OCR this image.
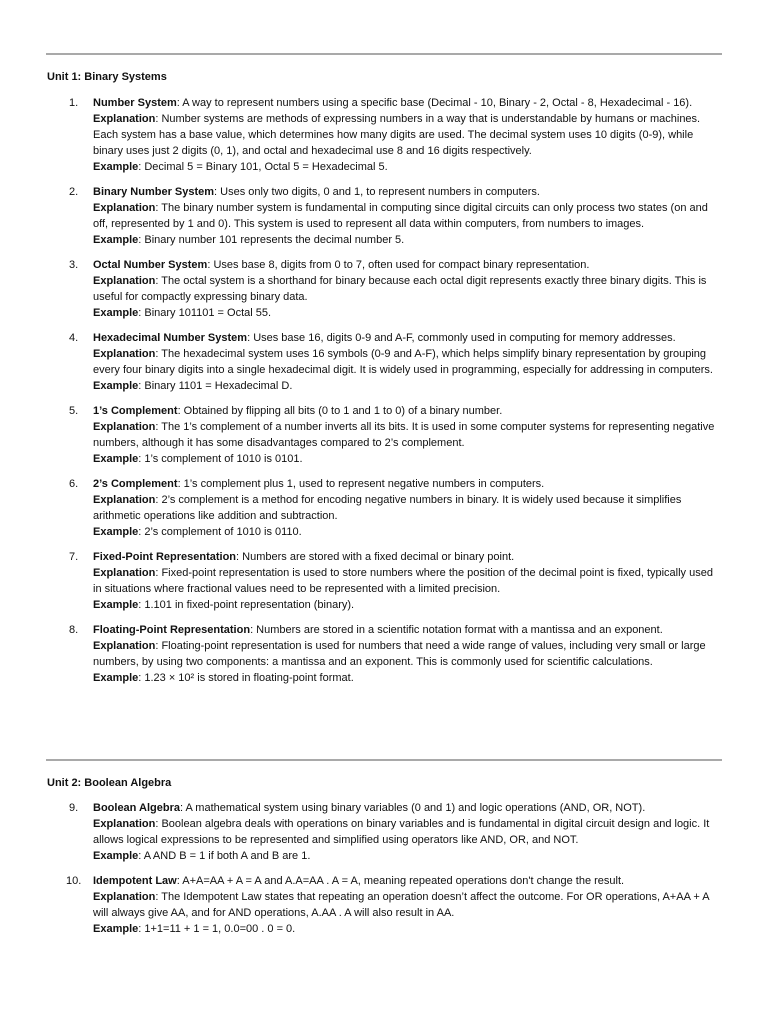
Unit 1: Binary Systems
1. Number System: A way to represent numbers using a specific base (Decimal - 10, Binary - 2, Octal - 8, Hexadecimal - 16).
Explanation: Number systems are methods of expressing numbers in a way that is understandable by humans or machines. Each system has a base value, which determines how many digits are used. The decimal system uses 10 digits (0-9), while binary uses just 2 digits (0, 1), and octal and hexadecimal use 8 and 16 digits respectively.
Example: Decimal 5 = Binary 101, Octal 5 = Hexadecimal 5.
2. Binary Number System: Uses only two digits, 0 and 1, to represent numbers in computers.
Explanation: The binary number system is fundamental in computing since digital circuits can only process two states (on and off, represented by 1 and 0). This system is used to represent all data within computers, from numbers to images.
Example: Binary number 101 represents the decimal number 5.
3. Octal Number System: Uses base 8, digits from 0 to 7, often used for compact binary representation.
Explanation: The octal system is a shorthand for binary because each octal digit represents exactly three binary digits. This is useful for compactly expressing binary data.
Example: Binary 101101 = Octal 55.
4. Hexadecimal Number System: Uses base 16, digits 0-9 and A-F, commonly used in computing for memory addresses.
Explanation: The hexadecimal system uses 16 symbols (0-9 and A-F), which helps simplify binary representation by grouping every four binary digits into a single hexadecimal digit. It is widely used in programming, especially for addressing in computers.
Example: Binary 1101 = Hexadecimal D.
5. 1’s Complement: Obtained by flipping all bits (0 to 1 and 1 to 0) of a binary number.
Explanation: The 1’s complement of a number inverts all its bits. It is used in some computer systems for representing negative numbers, although it has some disadvantages compared to 2’s complement.
Example: 1’s complement of 1010 is 0101.
6. 2’s Complement: 1’s complement plus 1, used to represent negative numbers in computers.
Explanation: 2’s complement is a method for encoding negative numbers in binary. It is widely used because it simplifies arithmetic operations like addition and subtraction.
Example: 2’s complement of 1010 is 0110.
7. Fixed-Point Representation: Numbers are stored with a fixed decimal or binary point.
Explanation: Fixed-point representation is used to store numbers where the position of the decimal point is fixed, typically used in situations where fractional values need to be represented with a limited precision.
Example: 1.101 in fixed-point representation (binary).
8. Floating-Point Representation: Numbers are stored in a scientific notation format with a mantissa and an exponent.
Explanation: Floating-point representation is used for numbers that need a wide range of values, including very small or large numbers, by using two components: a mantissa and an exponent. This is commonly used for scientific calculations.
Example: 1.23 × 10² is stored in floating-point format.
Unit 2: Boolean Algebra
9. Boolean Algebra: A mathematical system using binary variables (0 and 1) and logic operations (AND, OR, NOT).
Explanation: Boolean algebra deals with operations on binary variables and is fundamental in digital circuit design and logic. It allows logical expressions to be represented and simplified using operators like AND, OR, and NOT.
Example: A AND B = 1 if both A and B are 1.
10. Idempotent Law: A+A=AA + A = A and A.A=AA . A = A, meaning repeated operations don't change the result.
Explanation: The Idempotent Law states that repeating an operation doesn’t affect the outcome. For OR operations, A+AA + A will always give AA, and for AND operations, A.AA . A will also result in AA.
Example: 1+1=11 + 1 = 1, 0.0=00 . 0 = 0.
